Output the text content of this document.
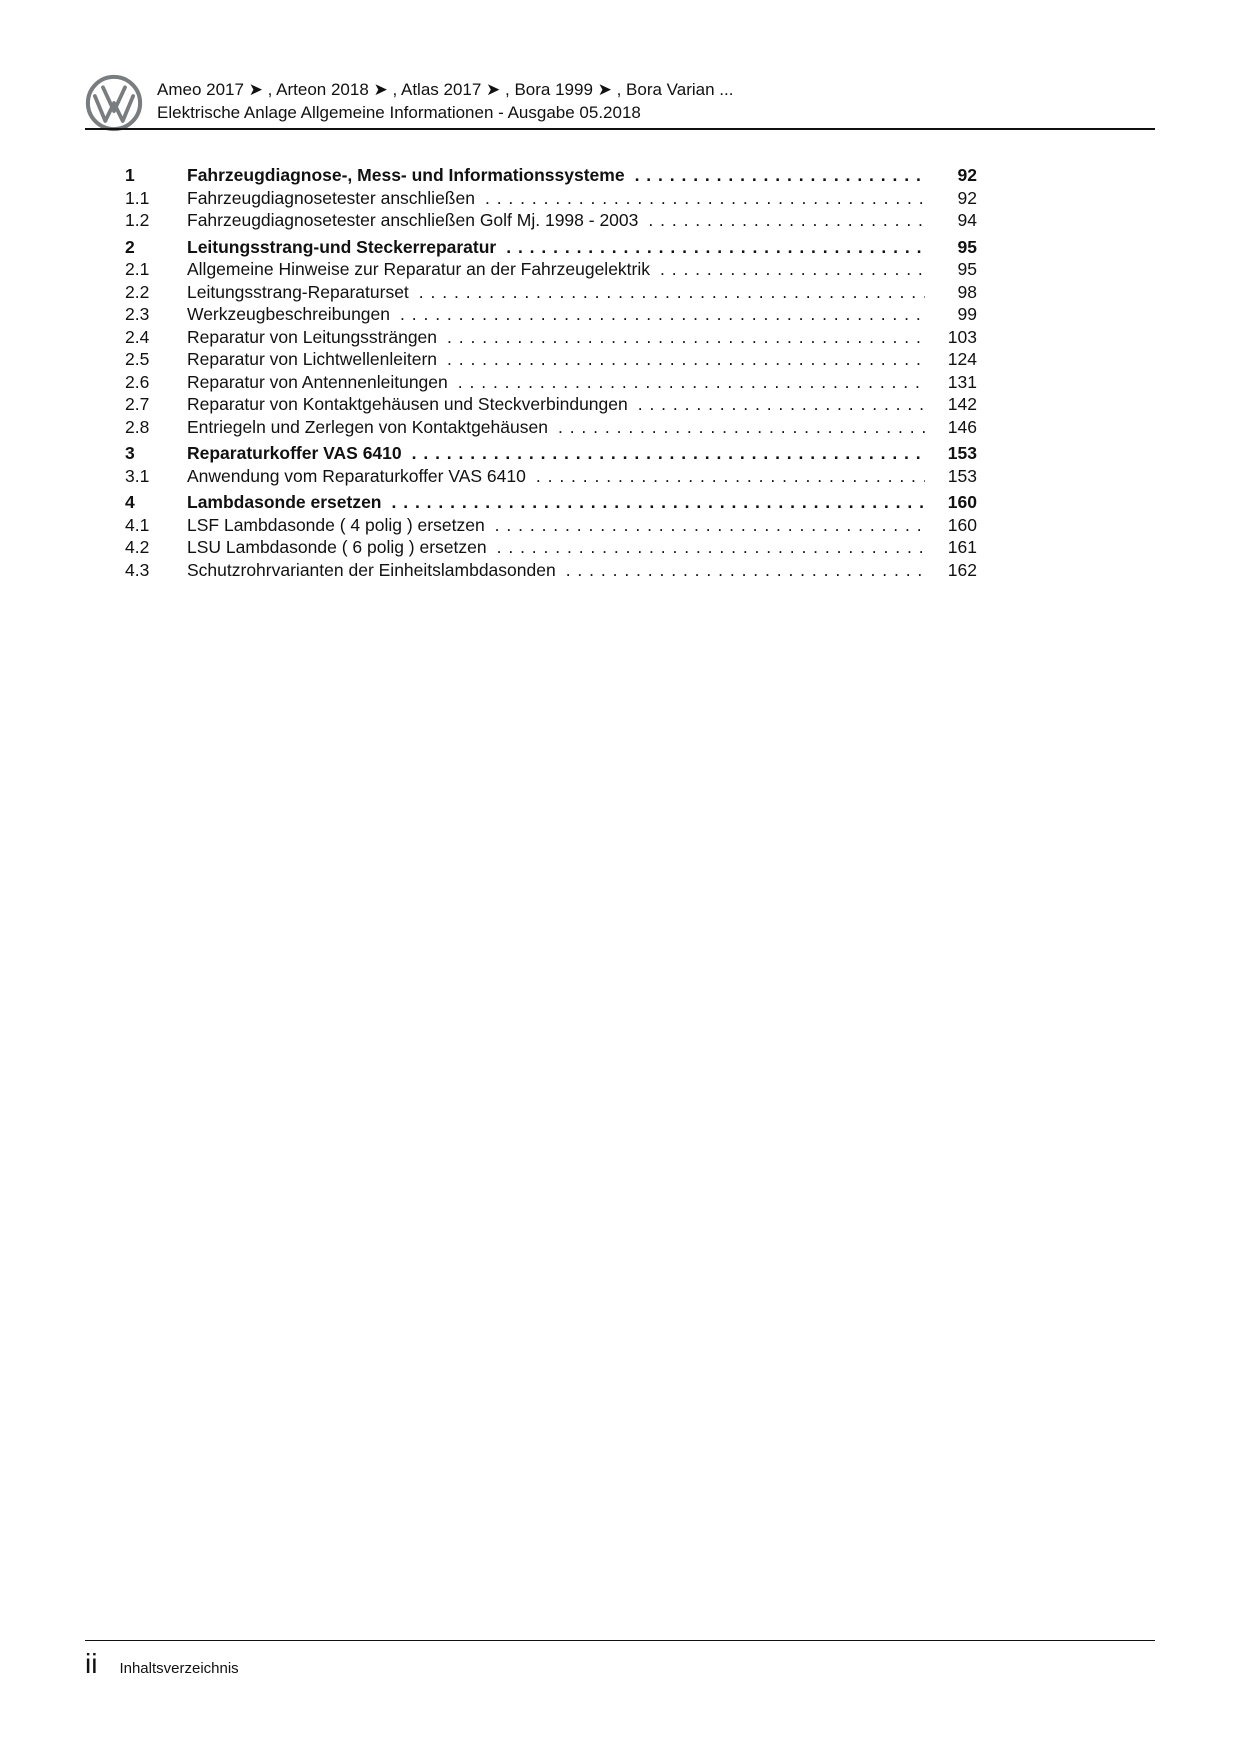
Ameo 2017 ➤ , Arteon 2018 ➤ , Atlas 2017 ➤ , Bora 1999 ➤ , Bora Varian ...
Elektrische Anlage Allgemeine Informationen - Ausgabe 05.2018
1	Fahrzeugdiagnose-, Mess- und Informationssysteme . . .	92
1.1	Fahrzeugdiagnosetester anschließen . . .	92
1.2	Fahrzeugdiagnosetester anschließen Golf Mj. 1998 - 2003 . . .	94
2	Leitungsstrang-und Steckerreparatur . . .	95
2.1	Allgemeine Hinweise zur Reparatur an der Fahrzeugelektrik . . .	95
2.2	Leitungsstrang-Reparaturset . . .	98
2.3	Werkzeugbeschreibungen . . .	99
2.4	Reparatur von Leitungssträngen . . .	103
2.5	Reparatur von Lichtwellenleitern . . .	124
2.6	Reparatur von Antennenleitungen . . .	131
2.7	Reparatur von Kontaktgehäusen und Steckverbindungen . . .	142
2.8	Entriegeln und Zerlegen von Kontaktgehäusen . . .	146
3	Reparaturkoffer VAS 6410 . . .	153
3.1	Anwendung vom Reparaturkoffer VAS 6410 . . .	153
4	Lambdasonde ersetzen . . .	160
4.1	LSF Lambdasonde ( 4 polig ) ersetzen . . .	160
4.2	LSU Lambdasonde ( 6 polig ) ersetzen . . .	161
4.3	Schutzrohrvarianten der Einheitslambdasonden . . .	162
ii Inhaltsverzeichnis
